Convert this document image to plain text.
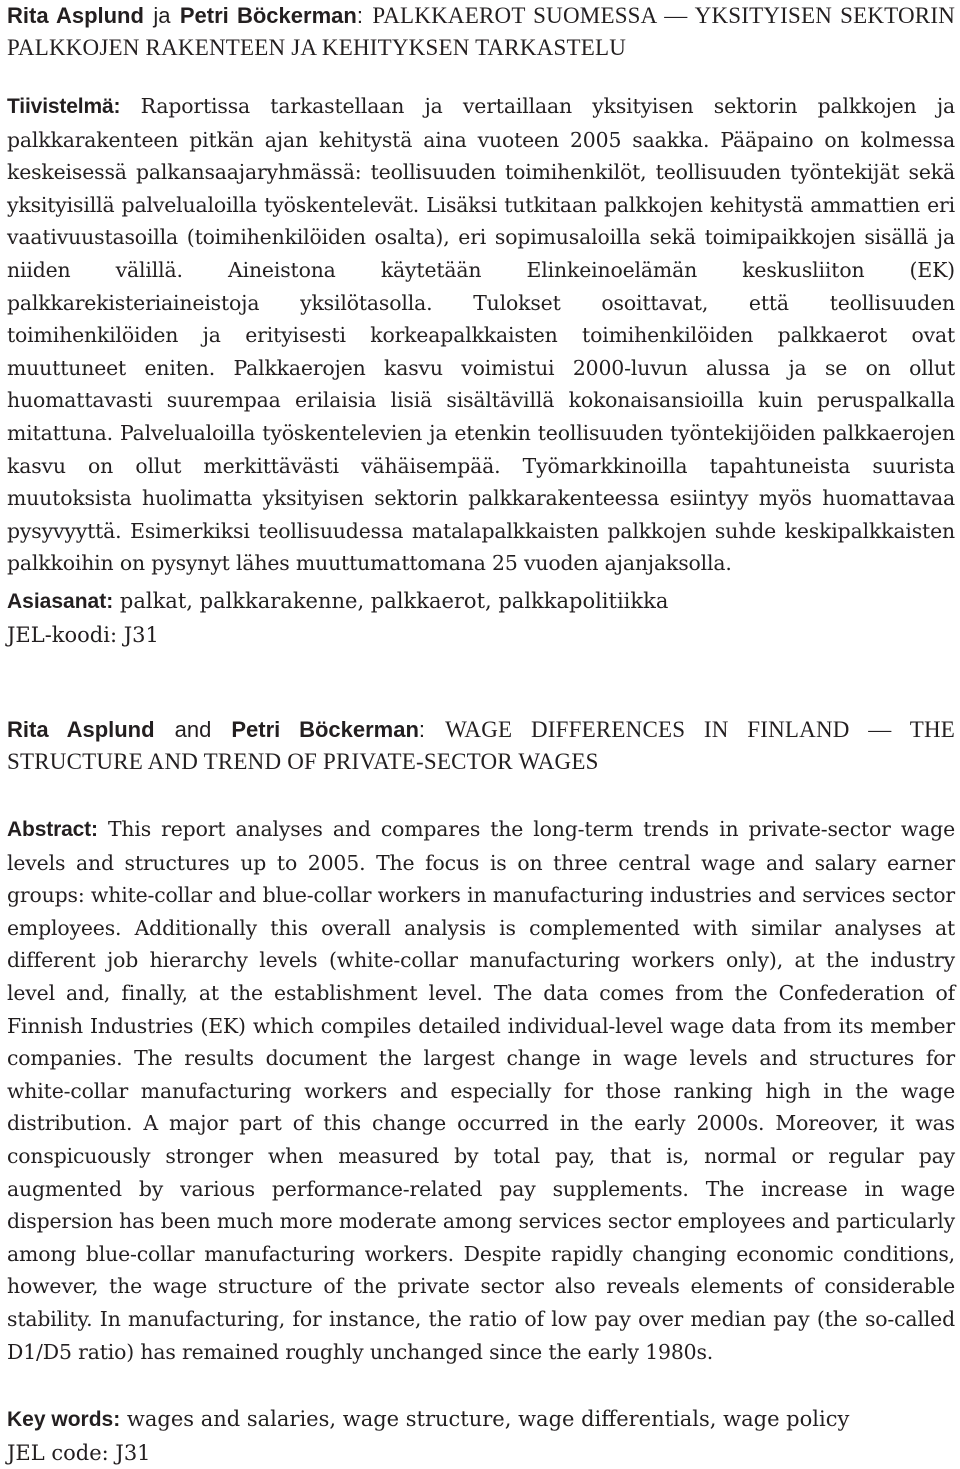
Rita Asplund ja Petri Böckerman: PALKKAEROT SUOMESSA — YKSITYISEN SEKTORIN PALKKOJEN RAKENTEEN JA KEHITYKSEN TARKASTELU
Tiivistelmä: Raportissa tarkastellaan ja vertaillaan yksityisen sektorin palkkojen ja palkkarakenteen pitkän ajan kehitystä aina vuoteen 2005 saakka. Pääpaino on kolmessa keskeisessä palkansaajaryhmässä: teollisuuden toimihenkilöt, teollisuuden työntekijät sekä yksityisillä palvelualoilla työskentelevät. Lisäksi tutkitaan palkkojen kehitystä ammattien eri vaativuustasoilla (toimihenkilöiden osalta), eri sopimusaloilla sekä toimipaikkojen sisällä ja niiden välillä. Aineistona käytetään Elinkeinoelämän keskusliiton (EK) palkkarekisteriaineistoja yksilötasolla. Tulokset osoittavat, että teollisuuden toimihenkilöiden ja erityisesti korkeapalkkaisten toimihenkilöiden palkkaerot ovat muuttuneet eniten. Palkkaerojen kasvu voimistui 2000-luvun alussa ja se on ollut huomattavasti suurempaa erilaisia lisiä sisältävillä kokonaisansioilla kuin peruspalkalla mitattuna. Palvelualoilla työskentelevien ja etenkin teollisuuden työntekijöiden palkkaerojen kasvu on ollut merkittävästi vähäisempää. Työmarkkinoilla tapahtuneista suurista muutoksista huolimatta yksityisen sektorin palkkarakenteessa esiintyy myös huomattavaa pysyvyyttä. Esimerkiksi teollisuudessa matalapalkkaisten palkkojen suhde keskipalkkaisten palkkoihin on pysynyt lähes muuttumattomana 25 vuoden ajanjaksolla.
Asiasanat: palkat, palkkarakenne, palkkaerot, palkkapolitiikka
JEL-koodi: J31
Rita Asplund and Petri Böckerman: WAGE DIFFERENCES IN FINLAND — THE STRUCTURE AND TREND OF PRIVATE-SECTOR WAGES
Abstract: This report analyses and compares the long-term trends in private-sector wage levels and structures up to 2005. The focus is on three central wage and salary earner groups: white-collar and blue-collar workers in manufacturing industries and services sector employees. Additionally this overall analysis is complemented with similar analyses at different job hierarchy levels (white-collar manufacturing workers only), at the industry level and, finally, at the establishment level. The data comes from the Confederation of Finnish Industries (EK) which compiles detailed individual-level wage data from its member companies. The results document the largest change in wage levels and structures for white-collar manufacturing workers and especially for those ranking high in the wage distribution. A major part of this change occurred in the early 2000s. Moreover, it was conspicuously stronger when measured by total pay, that is, normal or regular pay augmented by various performance-related pay supplements. The increase in wage dispersion has been much more moderate among services sector employees and particularly among blue-collar manufacturing workers. Despite rapidly changing economic conditions, however, the wage structure of the private sector also reveals elements of considerable stability. In manufacturing, for instance, the ratio of low pay over median pay (the so-called D1/D5 ratio) has remained roughly unchanged since the early 1980s.
Key words: wages and salaries, wage structure, wage differentials, wage policy
JEL code: J31
